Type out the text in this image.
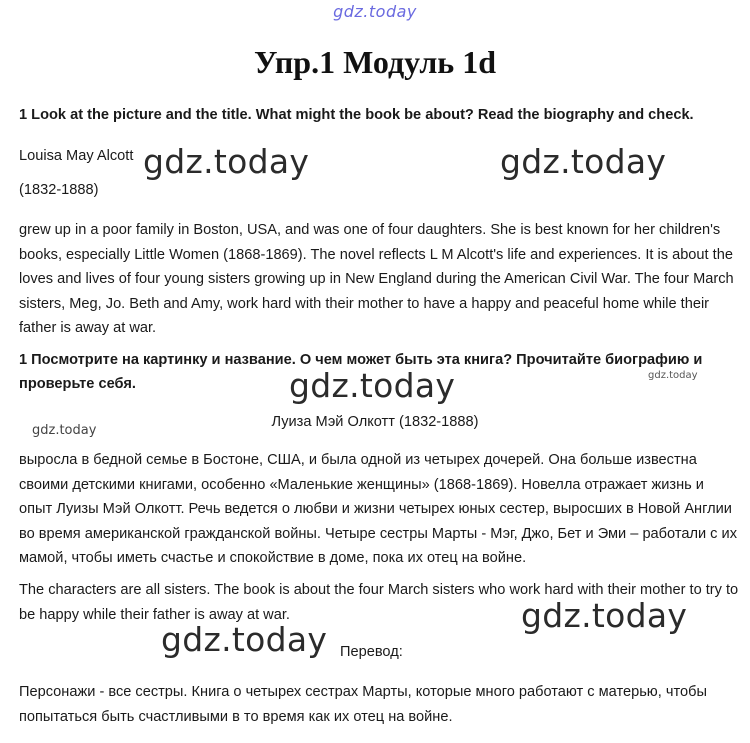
gdz.today
Упр.1 Модуль 1d

1 Look at the picture and the title. What might the book be about? Read the biography and check.

Louisa May Alcott

(1832-1888)

gdz.today	gdz.today

grew up in a poor family in Boston, USA, and was one of four daughters. She is best known for her children's books, especially Little Women (1868-1869). The novel reflects L M Alcott's life and experiences. It is about the loves and lives of four young sisters growing up in New England during the American Civil War. The four March sisters, Meg, Jo. Beth and Amy, work hard with their mother to have a happy and peaceful home while their father is away at war.

1 Посмотрите на картинку и название. О чем может быть эта книга? Прочитайте биографию и проверьте себя.	gdz.today	gdz.today

Луиза Мэй Олкотт (1832-1888)

gdz.today

выросла в бедной семье в Бостоне, США, и была одной из четырех дочерей. Она больше известна своими детскими книгами, особенно «Маленькие женщины» (1868-1869). Новелла отражает жизнь и опыт Луизы Мэй Олкотт. Речь ведется о любви и жизни четырех юных сестер, выросших в Новой Англии во время американской гражданской войны. Четыре сестры Марты - Мэг, Джо, Бет и Эми – работали с их мамой, чтобы иметь счастье и спокойствие в доме, пока их отец на войне.

The characters are all sisters. The book is about the four March sisters who work hard with their mother to try to be happy while their father is away at war.	gdz.today
gdz.today Перевод:

Персонажи - все сестры. Книга о четырех сестрах Марты, которые много работают с матерью, чтобы попытаться быть счастливыми в то время как их отец на войне.
